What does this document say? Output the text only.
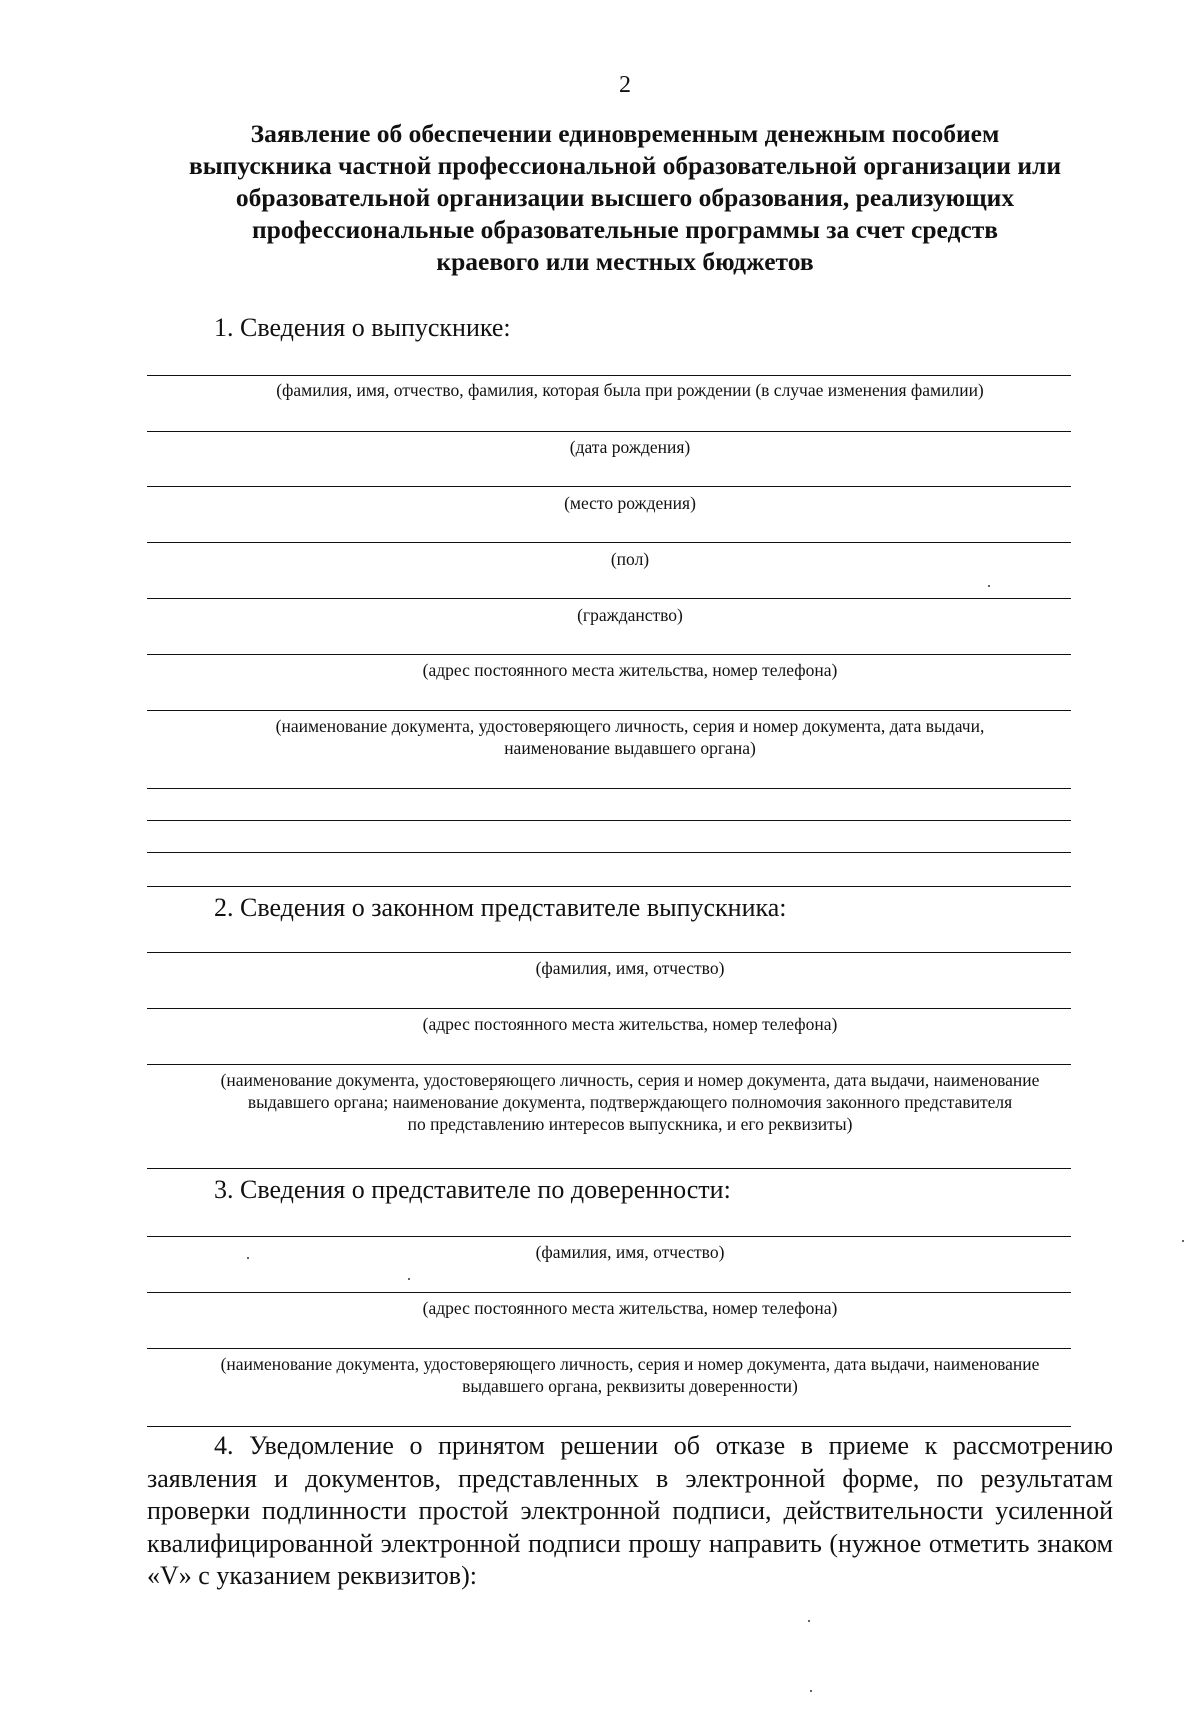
2
Заявление об обеспечении единовременным денежным пособием
выпускника частной профессиональной образовательной организации или
образовательной организации высшего образования, реализующих
профессиональные образовательные программы за счет средств
краевого или местных бюджетов
1. Сведения о выпускнике:
(фамилия, имя, отчество, фамилия, которая была при рождении (в случае изменения фамилии)
(дата рождения)
(место рождения)
(пол)
(гражданство)
(адрес постоянного места жительства, номер телефона)
(наименование документа, удостоверяющего личность, серия и номер документа, дата выдачи,
наименование выдавшего органа)
2. Сведения о законном представителе выпускника:
(фамилия, имя, отчество)
(адрес постоянного места жительства, номер телефона)
(наименование документа, удостоверяющего личность, серия и номер документа, дата выдачи, наименование
выдавшего органа; наименование документа, подтверждающего полномочия законного представителя
по представлению интересов выпускника, и его реквизиты)
3. Сведения о представителе по доверенности:
(фамилия, имя, отчество)
(адрес постоянного места жительства, номер телефона)
(наименование документа, удостоверяющего личность, серия и номер документа, дата выдачи, наименование
выдавшего органа, реквизиты доверенности)
4. Уведомление о принятом решении об отказе в приеме к рассмотрению заявления и документов, представленных в электронной форме, по результатам проверки подлинности простой электронной подписи, действительности усиленной квалифицированной электронной подписи прошу направить (нужное отметить знаком «V» с указанием реквизитов):
